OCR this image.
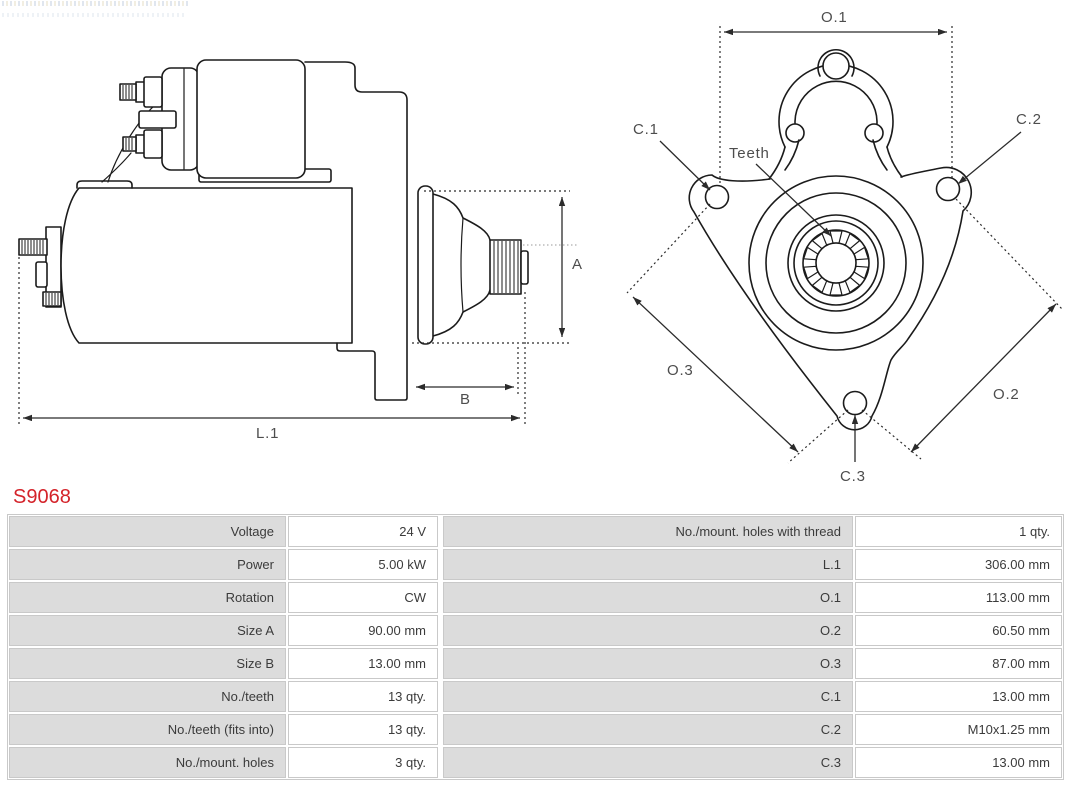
A
B
L.1
O.1
Teeth
C.1
C.2
C.3
O.3
O.2
S9068
Voltage	24 V	No./mount. holes with thread	1 qty.
Power	5.00 kW	L.1	306.00 mm
Rotation	CW	O.1	113.00 mm
Size A	90.00 mm	O.2	60.50 mm
Size B	13.00 mm	O.3	87.00 mm
No./teeth	13 qty.	C.1	13.00 mm
No./teeth (fits into)	13 qty.	C.2	M10x1.25 mm
No./mount. holes	3 qty.	C.3	13.00 mm
